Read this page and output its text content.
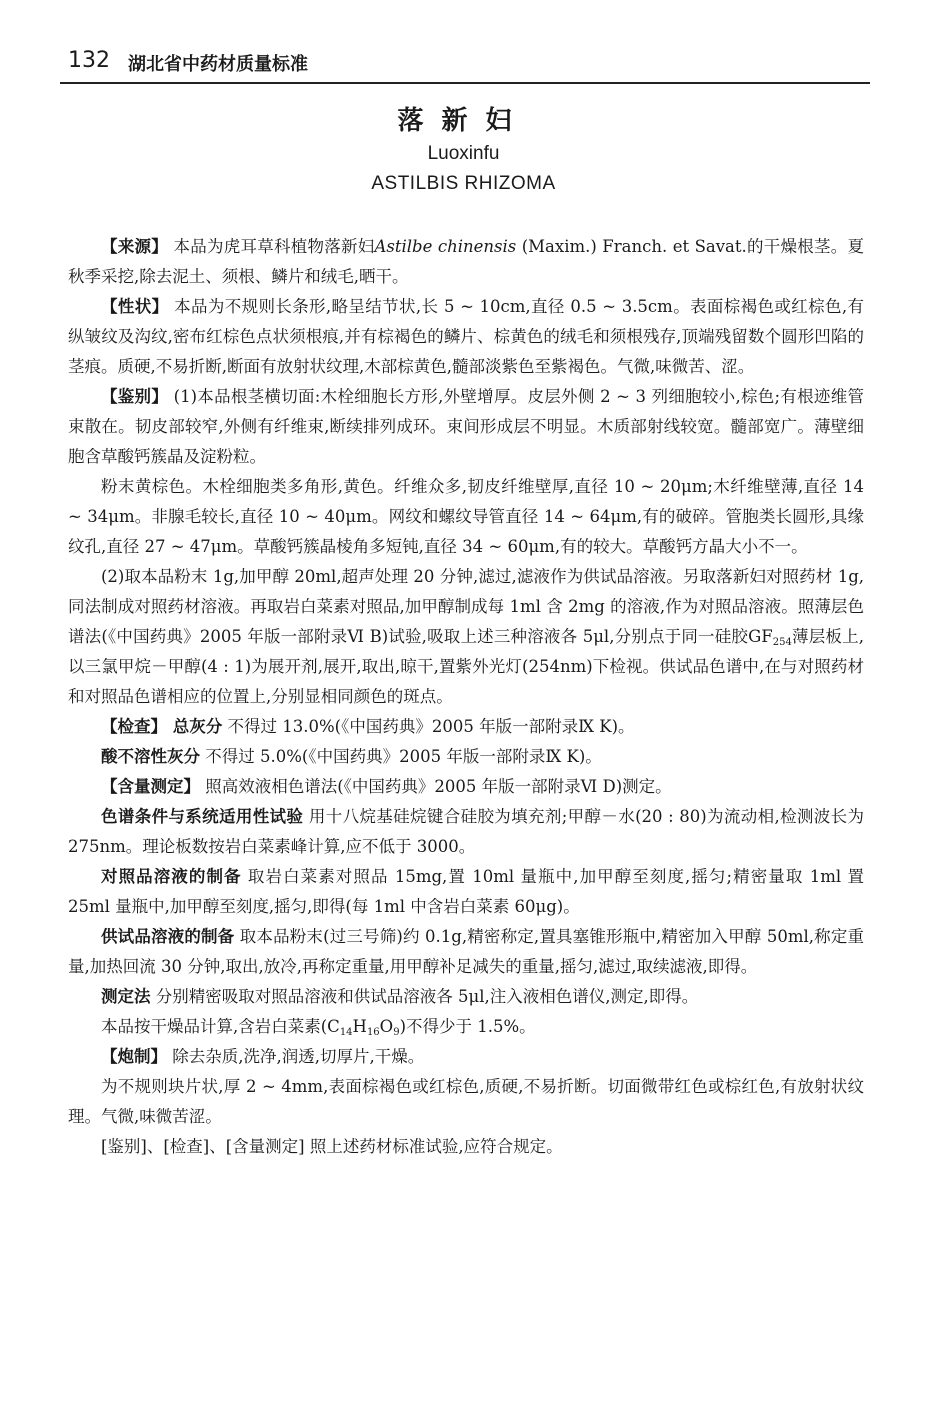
132 湖北省中药材质量标准
落新妇
Luoxinfu
ASTILBIS RHIZOMA

【来源】 本品为虎耳草科植物落新妇Astilbe chinensis (Maxim.) Franch. et Savat.的干燥根茎。夏秋季采挖,除去泥土、须根、鳞片和绒毛,晒干。

【性状】 本品为不规则长条形,略呈结节状,长 5 ~ 10cm,直径 0.5 ~ 3.5cm。表面棕褐色或红棕色,有纵皱纹及沟纹,密布红棕色点状须根痕,并有棕褐色的鳞片、棕黄色的绒毛和须根残存,顶端残留数个圆形凹陷的茎痕。质硬,不易折断,断面有放射状纹理,木部棕黄色,髓部淡紫色至紫褐色。气微,味微苦、涩。

【鉴别】 (1)本品根茎横切面:木栓细胞长方形,外壁增厚。皮层外侧 2 ~ 3 列细胞较小,棕色;有根迹维管束散在。韧皮部较窄,外侧有纤维束,断续排列成环。束间形成层不明显。木质部射线较宽。髓部宽广。薄壁细胞含草酸钙簇晶及淀粉粒。

粉末黄棕色。木栓细胞类多角形,黄色。纤维众多,韧皮纤维壁厚,直径 10 ~ 20μm;木纤维壁薄,直径 14 ~ 34μm。非腺毛较长,直径 10 ~ 40μm。网纹和螺纹导管直径 14 ~ 64μm,有的破碎。管胞类长圆形,具缘纹孔,直径 27 ~ 47μm。草酸钙簇晶棱角多短钝,直径 34 ~ 60μm,有的较大。草酸钙方晶大小不一。

(2)取本品粉末 1g,加甲醇 20ml,超声处理 20 分钟,滤过,滤液作为供试品溶液。另取落新妇对照药材 1g,同法制成对照药材溶液。再取岩白菜素对照品,加甲醇制成每 1ml 含 2mg 的溶液,作为对照品溶液。照薄层色谱法(《中国药典》2005 年版一部附录Ⅵ B)试验,吸取上述三种溶液各 5μl,分别点于同一硅胶$GF_{254}$薄层板上,以三氯甲烷－甲醇(4 : 1)为展开剂,展开,取出,晾干,置紫外光灯(254nm)下检视。供试品色谱中,在与对照药材和对照品色谱相应的位置上,分别显相同颜色的斑点。

【检查】 总灰分 不得过 13.0%(《中国药典》2005 年版一部附录Ⅸ K)。

酸不溶性灰分 不得过 5.0%(《中国药典》2005 年版一部附录Ⅸ K)。

【含量测定】 照高效液相色谱法(《中国药典》2005 年版一部附录Ⅵ D)测定。

色谱条件与系统适用性试验 用十八烷基硅烷键合硅胶为填充剂;甲醇－水(20 : 80)为流动相,检测波长为 275nm。理论板数按岩白菜素峰计算,应不低于 3000。

对照品溶液的制备 取岩白菜素对照品 15mg,置 10ml 量瓶中,加甲醇至刻度,摇匀;精密量取 1ml 置 25ml 量瓶中,加甲醇至刻度,摇匀,即得(每 1ml 中含岩白菜素 60μg)。

供试品溶液的制备 取本品粉末(过三号筛)约 0.1g,精密称定,置具塞锥形瓶中,精密加入甲醇 50ml,称定重量,加热回流 30 分钟,取出,放冷,再称定重量,用甲醇补足减失的重量,摇匀,滤过,取续滤液,即得。

测定法 分别精密吸取对照品溶液和供试品溶液各 5μl,注入液相色谱仪,测定,即得。

本品按干燥品计算,含岩白菜素$(C_{14}H_{16}O_9)$不得少于 1.5%。

【炮制】 除去杂质,洗净,润透,切厚片,干燥。

为不规则块片状,厚 2 ~ 4mm,表面棕褐色或红棕色,质硬,不易折断。切面微带红色或棕红色,有放射状纹理。气微,味微苦涩。

[鉴别]、[检查]、[含量测定] 照上述药材标准试验,应符合规定。
